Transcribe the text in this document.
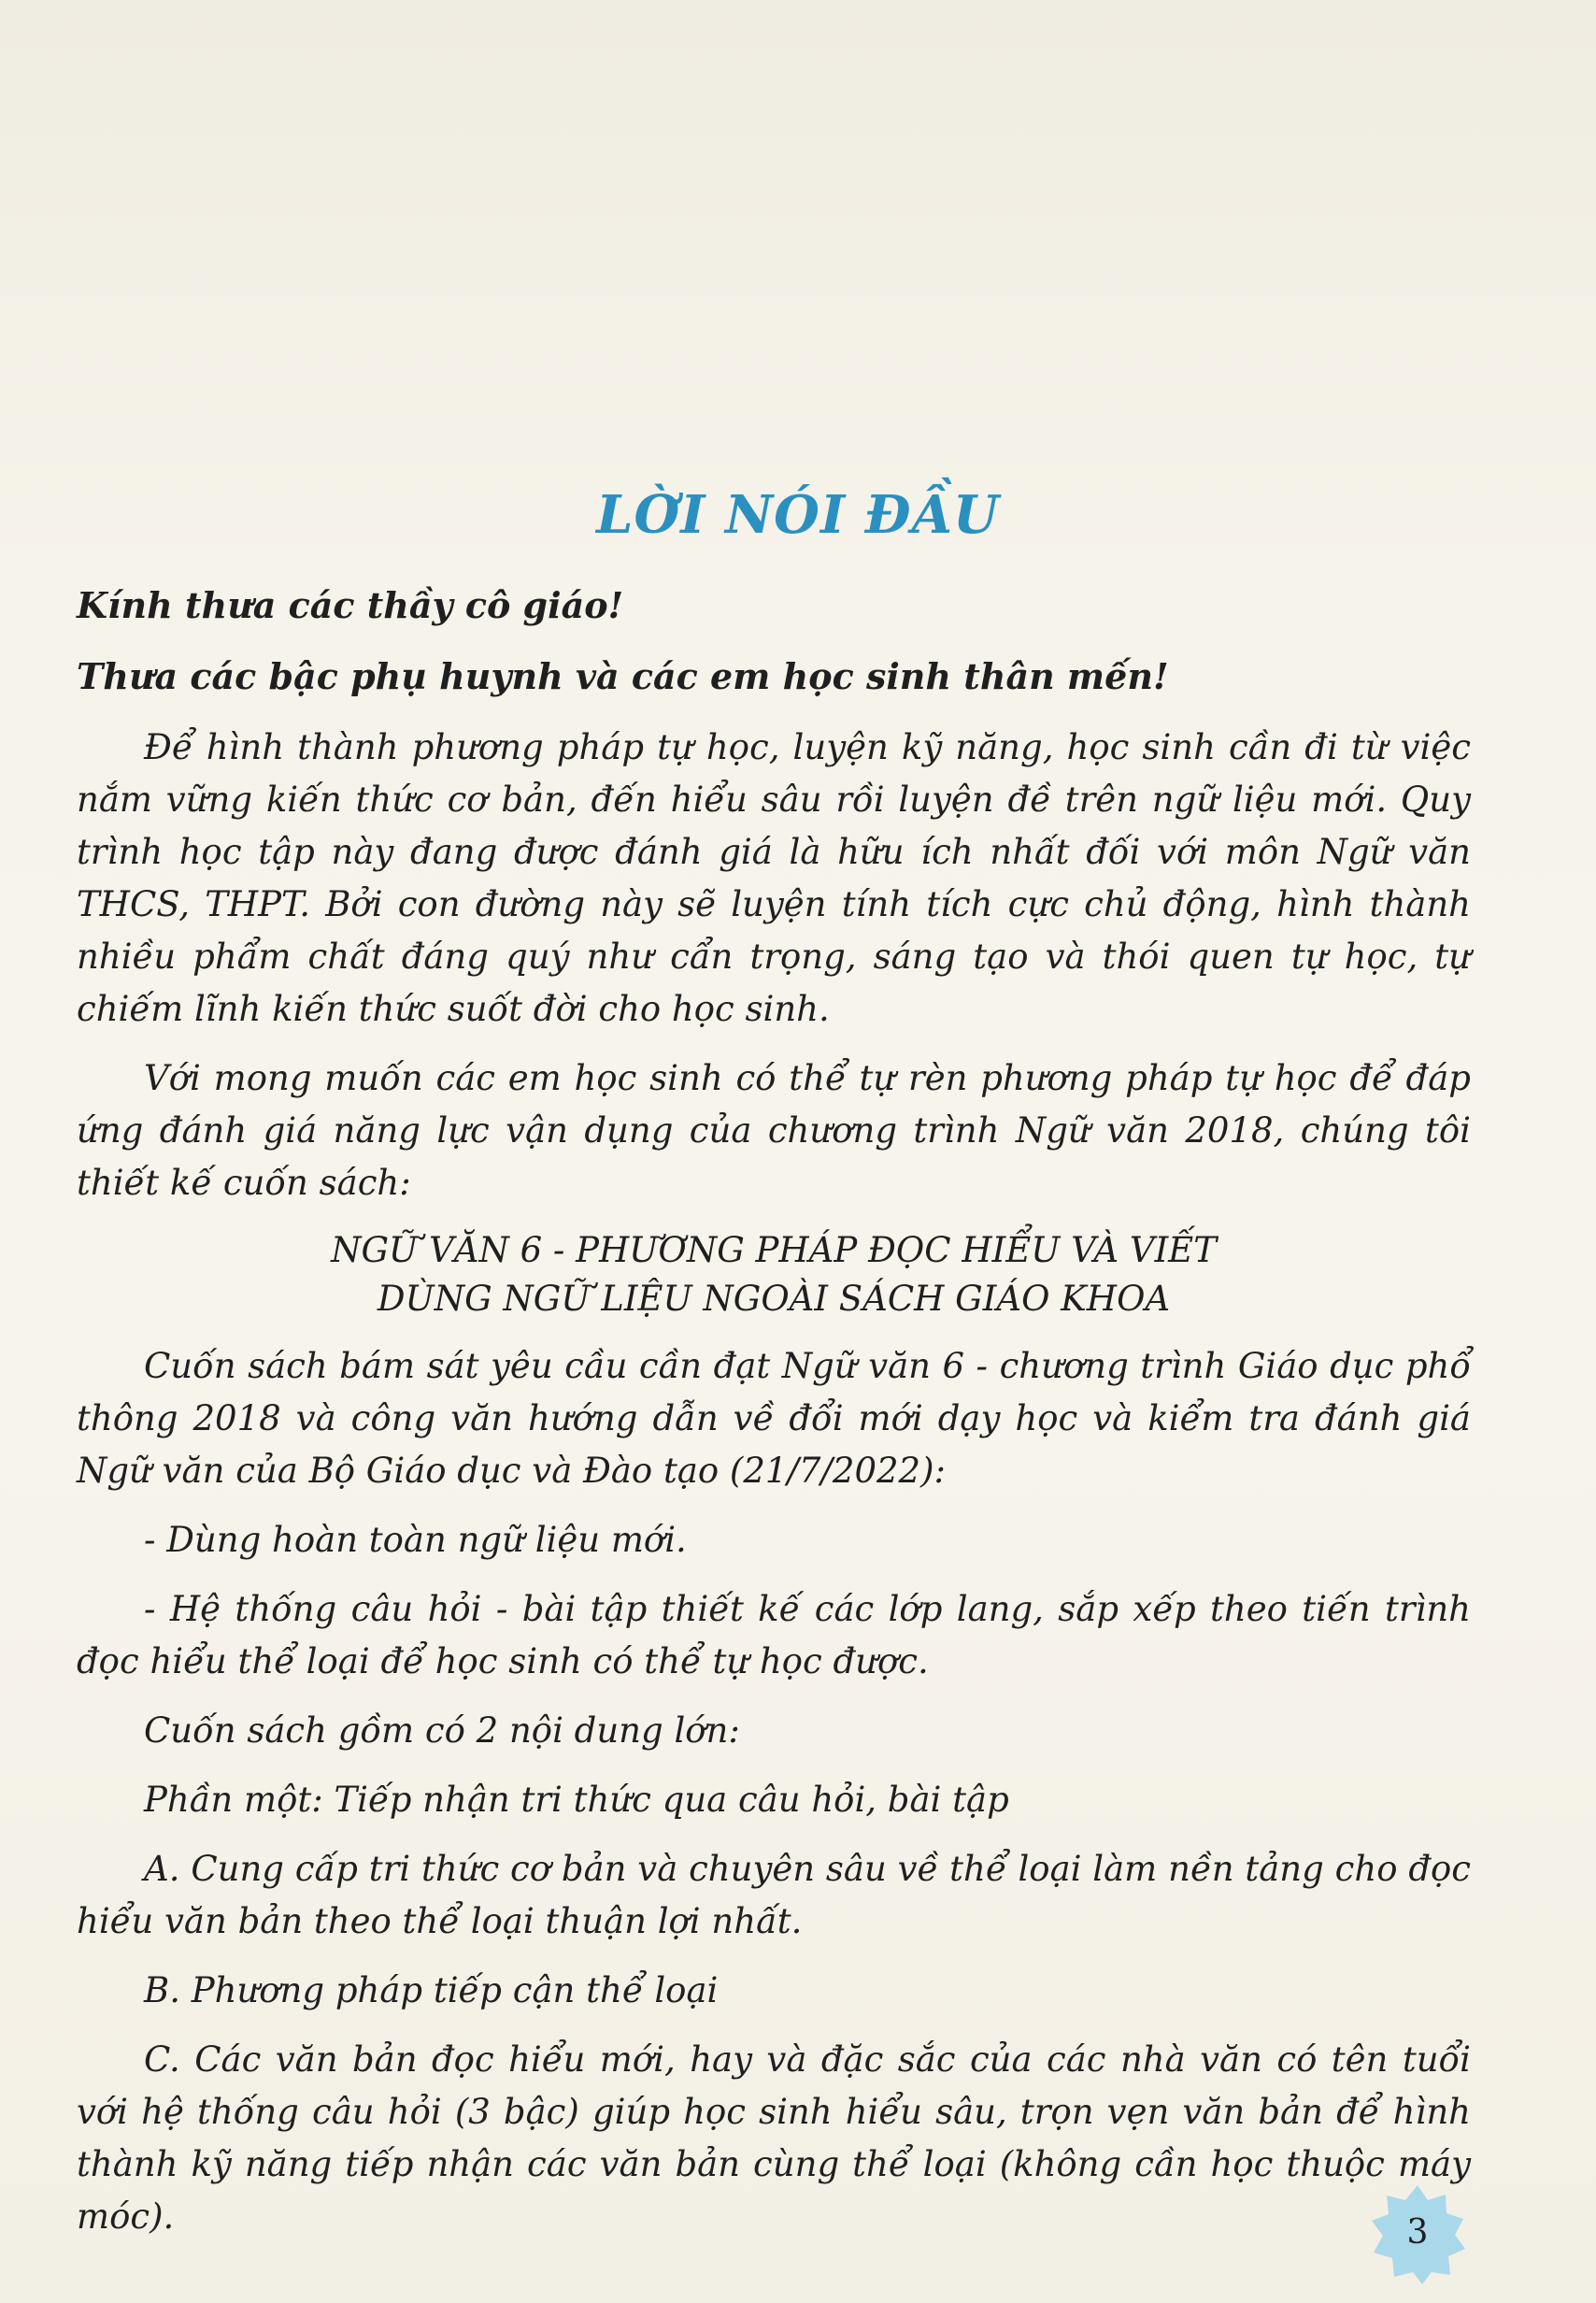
LỜI NÓI ĐẦU

Kính thưa các thầy cô giáo!

Thưa các bậc phụ huynh và các em học sinh thân mến!

Để hình thành phương pháp tự học, luyện kỹ năng, học sinh cần đi từ việc nắm vững kiến thức cơ bản, đến hiểu sâu rồi luyện đề trên ngữ liệu mới. Quy trình học tập này đang được đánh giá là hữu ích nhất đối với môn Ngữ văn THCS, THPT. Bởi con đường này sẽ luyện tính tích cực chủ động, hình thành nhiều phẩm chất đáng quý như cẩn trọng, sáng tạo và thói quen tự học, tự chiếm lĩnh kiến thức suốt đời cho học sinh.

Với mong muốn các em học sinh có thể tự rèn phương pháp tự học để đáp ứng đánh giá năng lực vận dụng của chương trình Ngữ văn 2018, chúng tôi thiết kế cuốn sách:

NGỮ VĂN 6 - PHƯƠNG PHÁP ĐỌC HIỂU VÀ VIẾT
DÙNG NGỮ LIỆU NGOÀI SÁCH GIÁO KHOA

Cuốn sách bám sát yêu cầu cần đạt Ngữ văn 6 - chương trình Giáo dục phổ thông 2018 và công văn hướng dẫn về đổi mới dạy học và kiểm tra đánh giá Ngữ văn của Bộ Giáo dục và Đào tạo (21/7/2022):

- Dùng hoàn toàn ngữ liệu mới.

- Hệ thống câu hỏi - bài tập thiết kế các lớp lang, sắp xếp theo tiến trình đọc hiểu thể loại để học sinh có thể tự học được.

Cuốn sách gồm có 2 nội dung lớn:

Phần một: Tiếp nhận tri thức qua câu hỏi, bài tập

A. Cung cấp tri thức cơ bản và chuyên sâu về thể loại làm nền tảng cho đọc hiểu văn bản theo thể loại thuận lợi nhất.

B. Phương pháp tiếp cận thể loại

C. Các văn bản đọc hiểu mới, hay và đặc sắc của các nhà văn có tên tuổi với hệ thống câu hỏi (3 bậc) giúp học sinh hiểu sâu, trọn vẹn văn bản để hình thành kỹ năng tiếp nhận các văn bản cùng thể loại (không cần học thuộc máy móc).	3
